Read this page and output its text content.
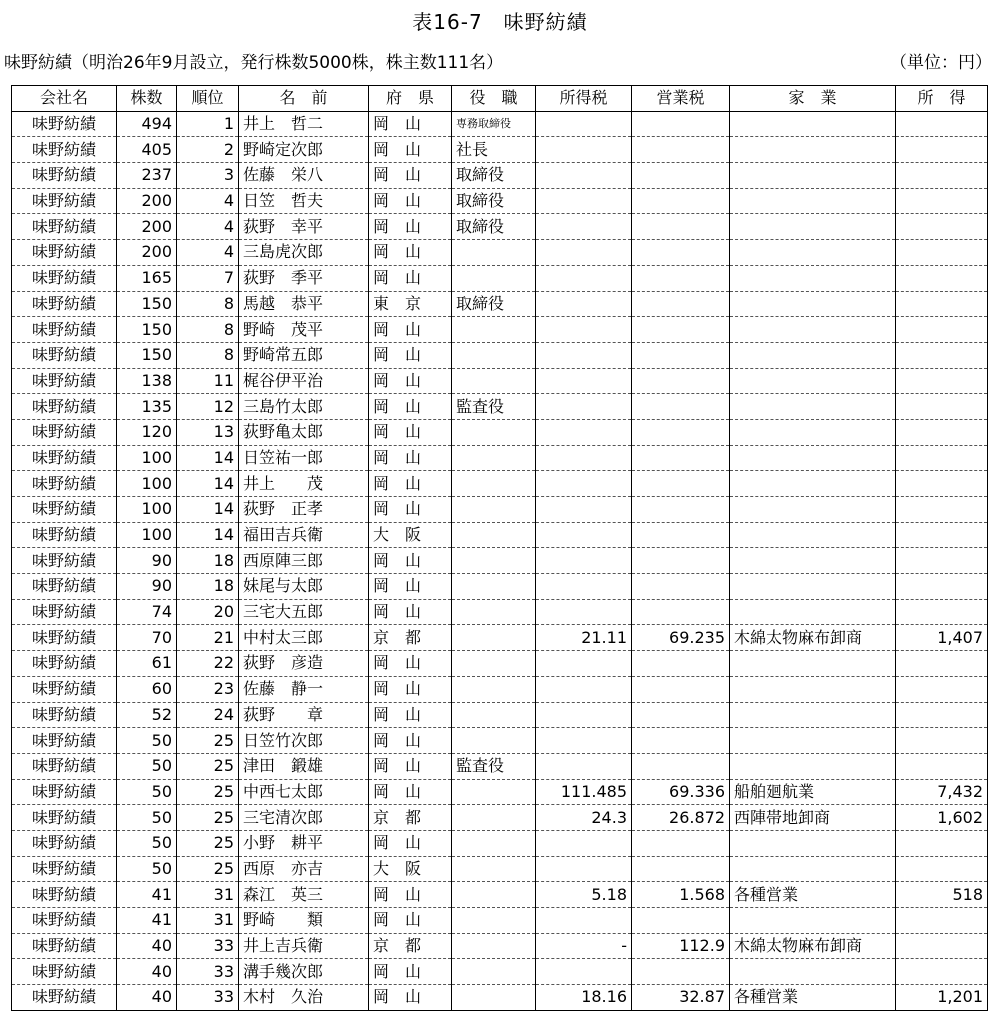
表16-7　味野紡績
味野紡績（明治26年9月設立，発行株数5000株，株主数111名）	（単位：円）
会社名	株数	順位	名　前	府　県	役　職	所得税	営業税	家　業	所　得
味野紡績	494	1	井上　哲二	岡　山	専務取締役				
味野紡績	405	2	野崎定次郎	岡　山	社長				
味野紡績	237	3	佐藤　栄八	岡　山	取締役				
味野紡績	200	4	日笠　哲夫	岡　山	取締役				
味野紡績	200	4	荻野　幸平	岡　山	取締役				
味野紡績	200	4	三島虎次郎	岡　山					
味野紡績	165	7	荻野　季平	岡　山					
味野紡績	150	8	馬越　恭平	東　京	取締役				
味野紡績	150	8	野崎　茂平	岡　山					
味野紡績	150	8	野崎常五郎	岡　山					
味野紡績	138	11	梶谷伊平治	岡　山					
味野紡績	135	12	三島竹太郎	岡　山	監査役				
味野紡績	120	13	荻野亀太郎	岡　山					
味野紡績	100	14	日笠祐一郎	岡　山					
味野紡績	100	14	井上　　茂	岡　山					
味野紡績	100	14	荻野　正孝	岡　山					
味野紡績	100	14	福田吉兵衛	大　阪					
味野紡績	90	18	西原陣三郎	岡　山					
味野紡績	90	18	妹尾与太郎	岡　山					
味野紡績	74	20	三宅大五郎	岡　山					
味野紡績	70	21	中村太三郎	京　都		21.11	69.235	木綿太物麻布卸商	1,407
味野紡績	61	22	荻野　彦造	岡　山					
味野紡績	60	23	佐藤　静一	岡　山					
味野紡績	52	24	荻野　　章	岡　山					
味野紡績	50	25	日笠竹次郎	岡　山					
味野紡績	50	25	津田　鍛雄	岡　山	監査役				
味野紡績	50	25	中西七太郎	岡　山		111.485	69.336	船舶廻航業	7,432
味野紡績	50	25	三宅清次郎	京　都		24.3	26.872	西陣帯地卸商	1,602
味野紡績	50	25	小野　耕平	岡　山					
味野紡績	50	25	西原　亦吉	大　阪					
味野紡績	41	31	森江　英三	岡　山		5.18	1.568	各種営業	518
味野紡績	41	31	野崎　　類	岡　山					
味野紡績	40	33	井上吉兵衛	京　都		-	112.9	木綿太物麻布卸商	
味野紡績	40	33	溝手幾次郎	岡　山					
味野紡績	40	33	木村　久治	岡　山		18.16	32.87	各種営業	1,201
